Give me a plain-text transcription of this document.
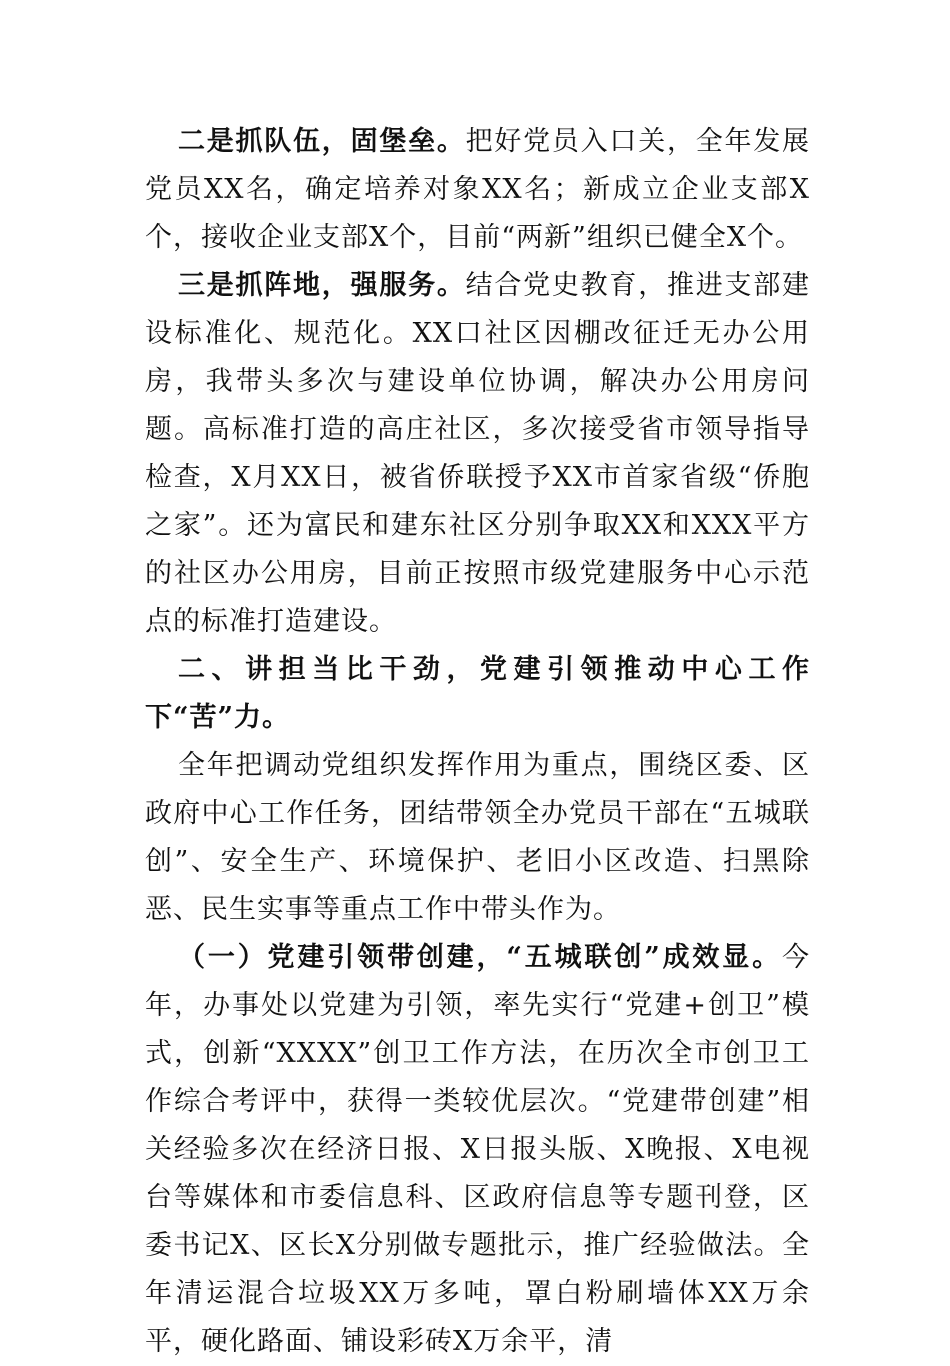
二是抓队伍，固堡垒。把好党员入口关，全年发展党员XX名，确定培养对象XX名；新成立企业支部X个，接收企业支部X个，目前“两新”组织已健全X个。

三是抓阵地，强服务。结合党史教育，推进支部建设标准化、规范化。XX口社区因棚改征迁无办公用房，我带头多次与建设单位协调，解决办公用房问题。高标准打造的高庄社区，多次接受省市领导指导检查，X月XX日，被省侨联授予XX市首家省级“侨胞之家”。还为富民和建东社区分别争取XX和XXX平方的社区办公用房，目前正按照市级党建服务中心示范点的标准打造建设。

二、讲担当比干劲，党建引领推动中心工作下“苦”力。

全年把调动党组织发挥作用为重点，围绕区委、区政府中心工作任务，团结带领全办党员干部在“五城联创”、安全生产、环境保护、老旧小区改造、扫黑除恶、民生实事等重点工作中带头作为。

（一）党建引领带创建，“五城联创”成效显。今年，办事处以党建为引领，率先实行“党建+创卫”模式，创新“XXXX”创卫工作方法，在历次全市创卫工作综合考评中，获得一类较优层次。“党建带创建”相关经验多次在经济日报、X日报头版、X晚报、X电视台等媒体和市委信息科、区政府信息等专题刊登，区委书记X、区长X分别做专题批示，推广经验做法。全年清运混合垃圾XX万多吨，罩白粉刷墙体XX万余平，硬化路面、铺设彩砖X万余平，清
